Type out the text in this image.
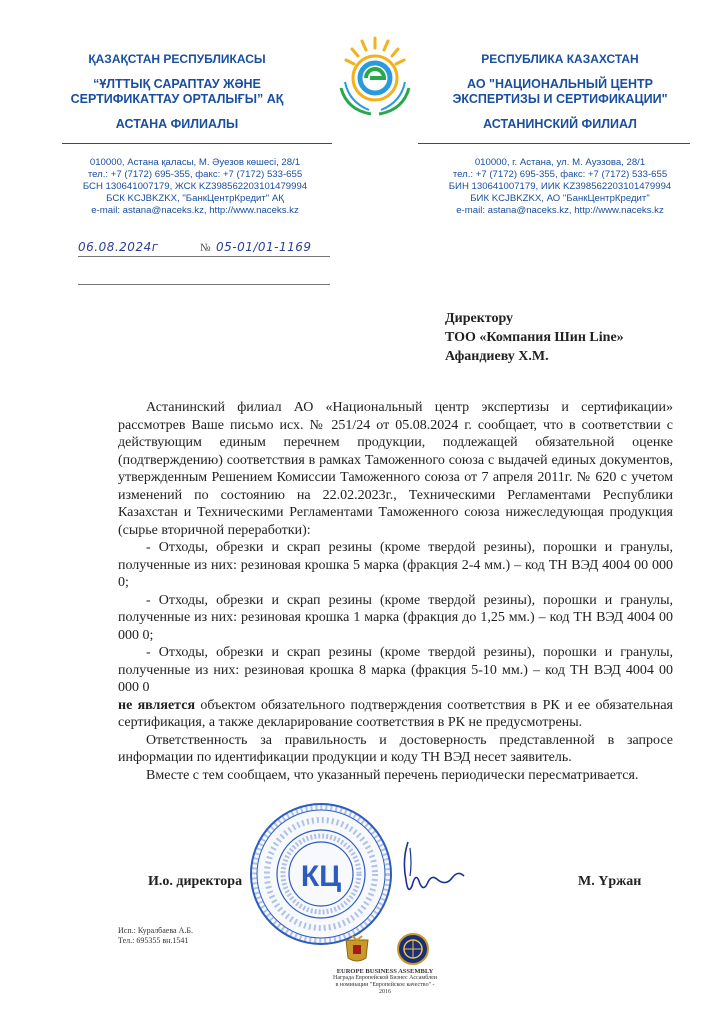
ҚАЗАҚСТАН РЕСПУБЛИКАСЫ
“ҰЛТТЫҚ САРАПТАУ ЖӘНЕ
СЕРТИФИКАТТАУ ОРТАЛЫҒЫ” АҚ
АСТАНА ФИЛИАЛЫ
РЕСПУБЛИКА КАЗАХСТАН
АО "НАЦИОНАЛЬНЫЙ ЦЕНТР
ЭКСПЕРТИЗЫ И СЕРТИФИКАЦИИ"
АСТАНИНСКИЙ ФИЛИАЛ
010000, Астана қаласы, М. Әуезов көшесі, 28/1
тел.: +7 (7172) 695-355, факс: +7 (7172) 533-655
БСН 130641007179, ЖСК KZ398562203101479994
БСК KCJBKZKX, "БанкЦентрКредит" АҚ
e-mail: astana@naceks.kz, http://www.naceks.kz
010000, г. Астана, ул. М. Ауэзова, 28/1
тел.: +7 (7172) 695-355, факс: +7 (7172) 533-655
БИН 130641007179, ИИК KZ398562203101479994
БИК KCJBKZKX, АО "БанкЦентрКредит"
e-mail: astana@naceks.kz, http://www.naceks.kz
06.08.2024г	№ 05-01/01-1169
Директору
ТОО «Компания Шин Line»
Афандиеву Х.М.

Астанинский филиал АО «Национальный центр экспертизы и сертификации» рассмотрев Ваше письмо исх. № 251/24 от 05.08.2024 г. сообщает, что в соответствии с действующим единым перечнем продукции, подлежащей обязательной оценке (подтверждению) соответствия в рамках Таможенного союза с выдачей единых документов, утвержденным Решением Комиссии Таможенного союза от 7 апреля 2011г. № 620 с учетом изменений по состоянию на 22.02.2023г., Техническими Регламентами Республики Казахстан и Техническими Регламентами Таможенного союза нижеследующая продукция (сырье вторичной переработки):

- Отходы, обрезки и скрап резины (кроме твердой резины), порошки и гранулы, полученные из них: резиновая крошка 5 марка (фракция 2-4 мм.) – код ТН ВЭД 4004 00 000 0;

- Отходы, обрезки и скрап резины (кроме твердой резины), порошки и гранулы, полученные из них: резиновая крошка 1 марка (фракция до 1,25 мм.) – код ТН ВЭД 4004 00 000 0;

- Отходы, обрезки и скрап резины (кроме твердой резины), порошки и гранулы, полученные из них: резиновая крошка 8 марка (фракция 5-10 мм.) – код ТН ВЭД 4004 00 000 0

не является объектом обязательного подтверждения соответствия в РК и ее обязательная сертификация, а также декларирование соответствия в РК не предусмотрены.

Ответственность за правильность и достоверность представленной в запросе информации по идентификации продукции и коду ТН ВЭД несет заявитель.

Вместе с тем сообщаем, что указанный перечень периодически пересматривается.

КЦ
И.о. директора	М. Үржан
Исп.: Куралбаева А.Б.
Тел.: 695355 вн.1541
EUROPE BUSINESS ASSEMBLY
Награда Европейской Бизнес Ассамблеи
в номинации "Европейское качество" - 2016
